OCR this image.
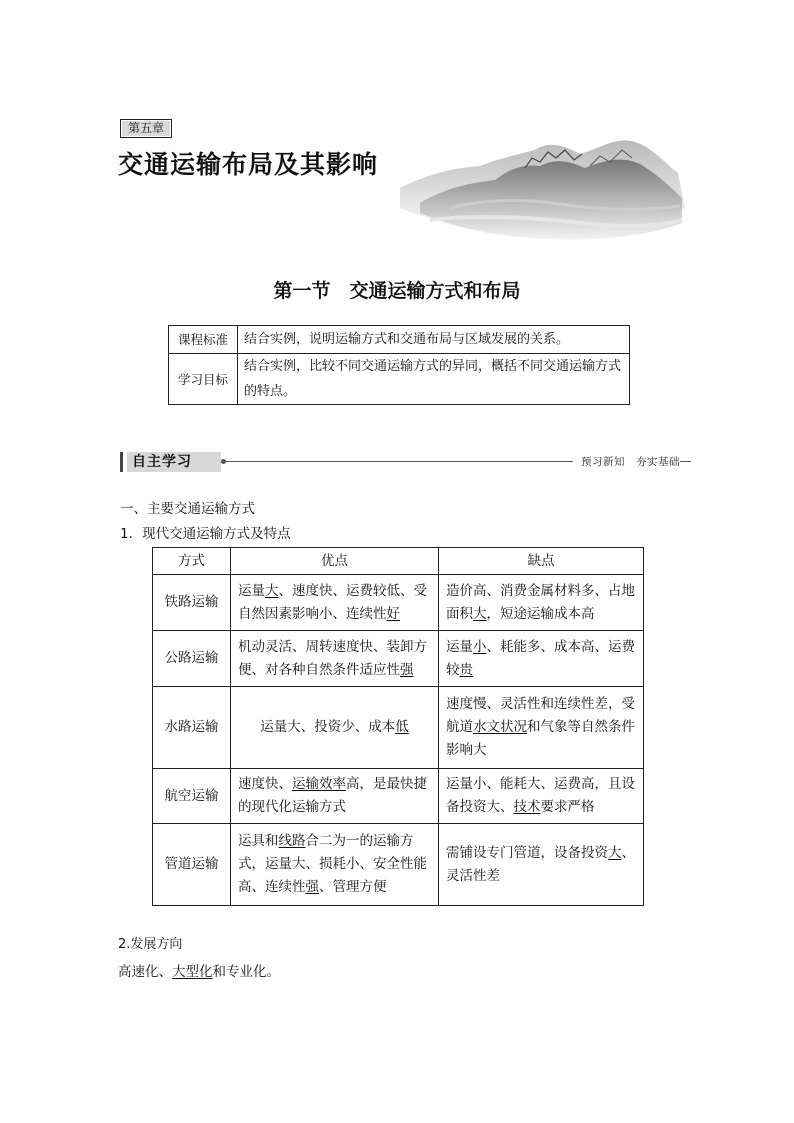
第五章
交通运输布局及其影响
第一节　交通运输方式和布局
课程标准	结合实例，说明运输方式和交通布局与区域发展的关系。
学习目标	结合实例，比较不同交通运输方式的异同，概括不同交通运输方式的特点。
自主学习	预习新知　夯实基础
一、主要交通运输方式
1．现代交通运输方式及特点
方式	优点	缺点
铁路运输	运量大、速度快、运费较低、受自然因素影响小、连续性好	造价高、消费金属材料多、占地面积大，短途运输成本高
公路运输	机动灵活、周转速度快、装卸方便、对各种自然条件适应性强	运量小、耗能多、成本高、运费较贵
水路运输	运量大、投资少、成本低	速度慢、灵活性和连续性差，受航道水文状况和气象等自然条件影响大
航空运输	速度快、运输效率高，是最快捷的现代化运输方式	运量小、能耗大、运费高，且设备投资大、技术要求严格
管道运输	运具和线路合二为一的运输方式，运量大、损耗小、安全性能高、连续性强、管理方便	需铺设专门管道，设备投资大、灵活性差
2.发展方向
高速化、大型化和专业化。
